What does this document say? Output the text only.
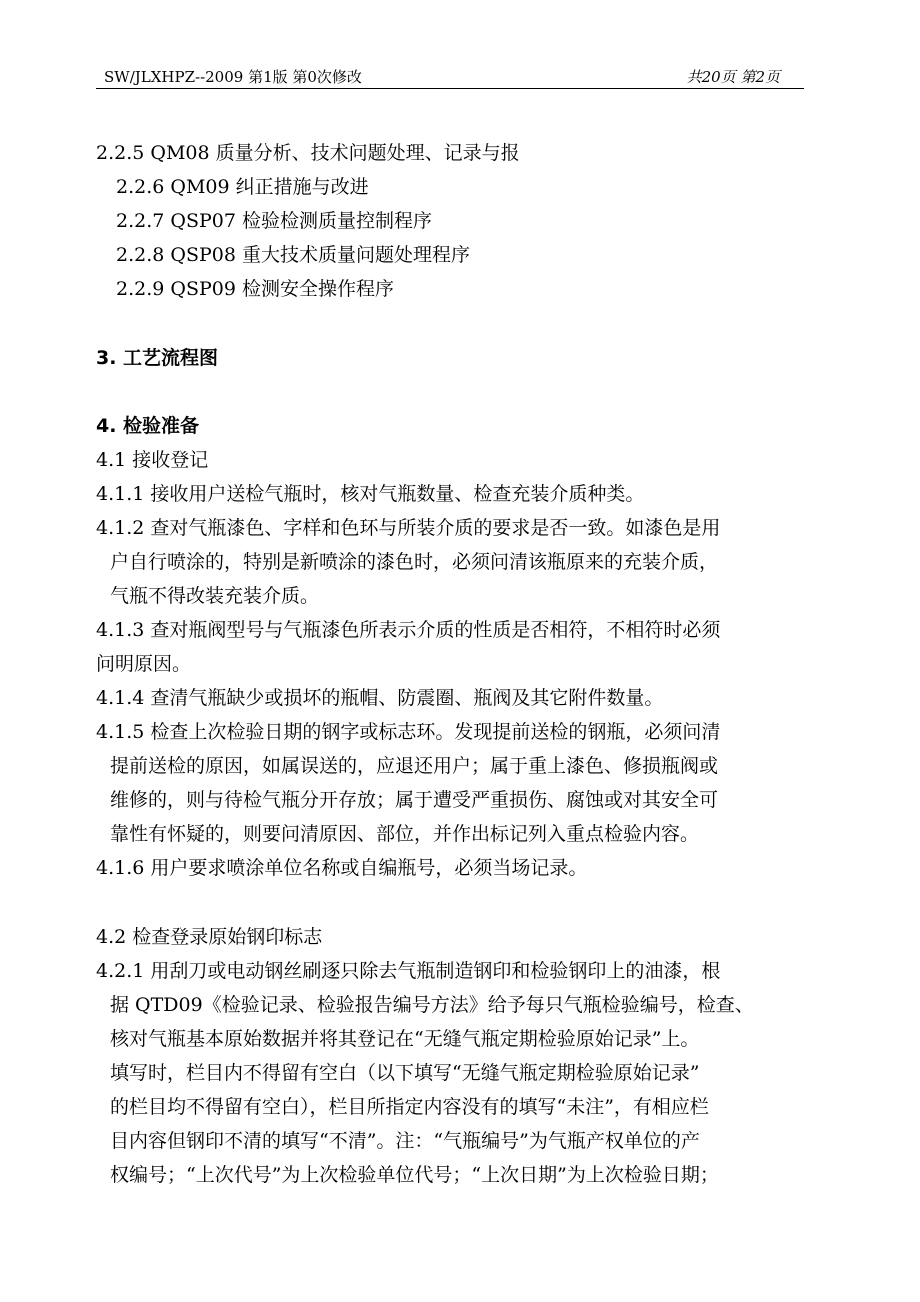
SW/JLXHPZ--2009 第1版 第0次修改	共20页 第2页
2.2.5 QM08 质量分析、技术问题处理、记录与报
2.2.6 QM09 纠正措施与改进
2.2.7 QSP07 检验检测质量控制程序
2.2.8 QSP08 重大技术质量问题处理程序
2.2.9 QSP09 检测安全操作程序
3. 工艺流程图
4. 检验准备
4.1 接收登记
4.1.1 接收用户送检气瓶时，核对气瓶数量、检查充装介质种类。
4.1.2 查对气瓶漆色、字样和色环与所装介质的要求是否一致。如漆色是用
户自行喷涂的，特别是新喷涂的漆色时，必须问清该瓶原来的充装介质，
气瓶不得改装充装介质。
4.1.3 查对瓶阀型号与气瓶漆色所表示介质的性质是否相符，不相符时必须
问明原因。
4.1.4 查清气瓶缺少或损坏的瓶帽、防震圈、瓶阀及其它附件数量。
4.1.5 检查上次检验日期的钢字或标志环。发现提前送检的钢瓶，必须问清
提前送检的原因，如属误送的，应退还用户；属于重上漆色、修损瓶阀或
维修的，则与待检气瓶分开存放；属于遭受严重损伤、腐蚀或对其安全可
靠性有怀疑的，则要问清原因、部位，并作出标记列入重点检验内容。
4.1.6 用户要求喷涂单位名称或自编瓶号，必须当场记录。
4.2 检查登录原始钢印标志
4.2.1 用刮刀或电动钢丝刷逐只除去气瓶制造钢印和检验钢印上的油漆，根
据 QTD09《检验记录、检验报告编号方法》给予每只气瓶检验编号，检查、
核对气瓶基本原始数据并将其登记在“无缝气瓶定期检验原始记录”上。
填写时，栏目内不得留有空白（以下填写“无缝气瓶定期检验原始记录”
的栏目均不得留有空白），栏目所指定内容没有的填写“未注”，有相应栏
目内容但钢印不清的填写“不清”。注：“气瓶编号”为气瓶产权单位的产
权编号；“上次代号”为上次检验单位代号；“上次日期”为上次检验日期；
